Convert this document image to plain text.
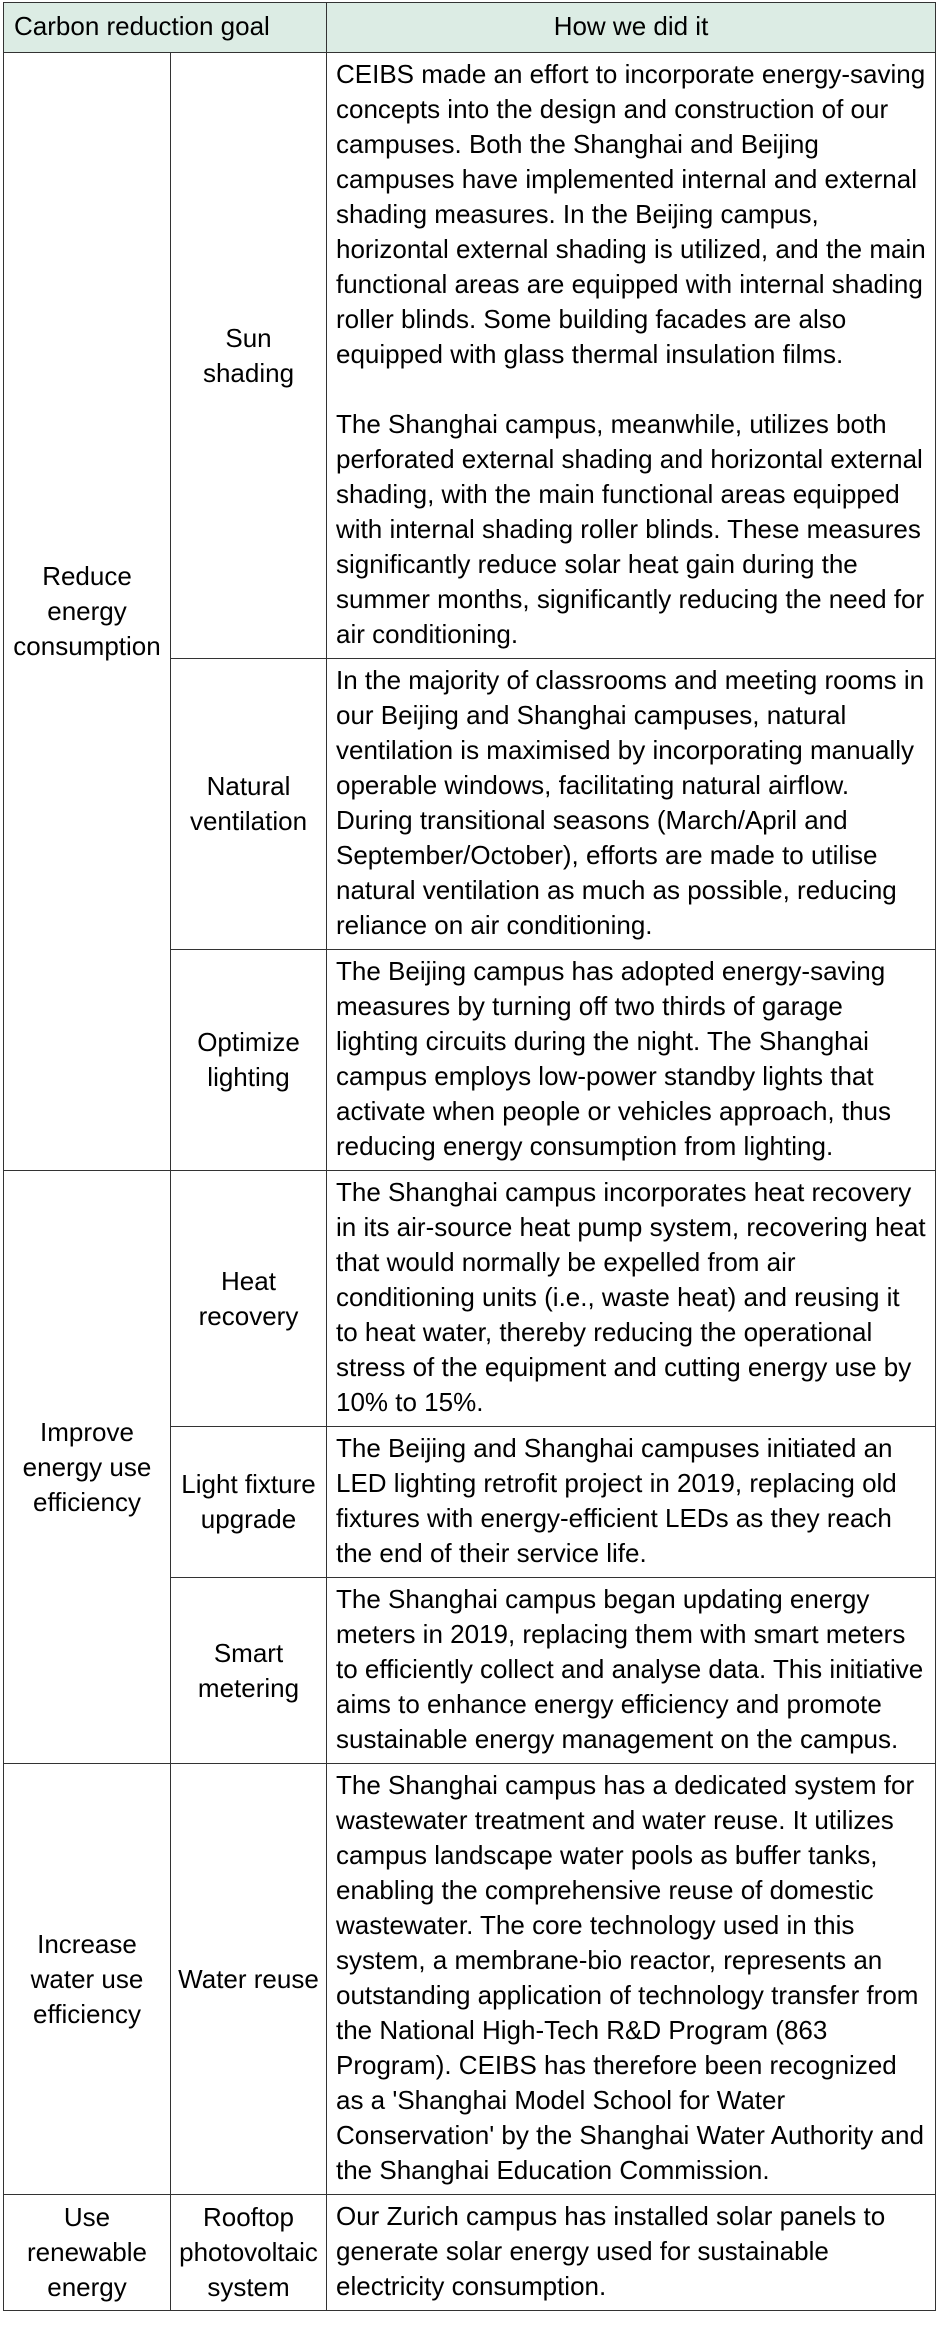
Carbon reduction goal		How we did it
Reduce energy consumption	Sun shading	CEIBS made an effort to incorporate energy-saving concepts into the design and construction of our campuses. Both the Shanghai and Beijing campuses have implemented internal and external shading measures. In the Beijing campus, horizontal external shading is utilized, and the main functional areas are equipped with internal shading roller blinds. Some building facades are also equipped with glass thermal insulation films.

The Shanghai campus, meanwhile, utilizes both perforated external shading and horizontal external shading, with the main functional areas equipped with internal shading roller blinds. These measures significantly reduce solar heat gain during the summer months, significantly reducing the need for air conditioning.

	Natural ventilation	In the majority of classrooms and meeting rooms in our Beijing and Shanghai campuses, natural ventilation is maximised by incorporating manually operable windows, facilitating natural airflow. During transitional seasons (March/April and September/October), efforts are made to utilise natural ventilation as much as possible, reducing reliance on air conditioning.

	Optimize lighting	The Beijing campus has adopted energy-saving measures by turning off two thirds of garage lighting circuits during the night. The Shanghai campus employs low-power standby lights that activate when people or vehicles approach, thus reducing energy consumption from lighting.

Improve energy use efficiency	Heat recovery	The Shanghai campus incorporates heat recovery in its air-source heat pump system, recovering heat that would normally be expelled from air conditioning units (i.e., waste heat) and reusing it to heat water, thereby reducing the operational stress of the equipment and cutting energy use by 10% to 15%.

	Light fixture upgrade	The Beijing and Shanghai campuses initiated an LED lighting retrofit project in 2019, replacing old fixtures with energy-efficient LEDs as they reach the end of their service life.

	Smart metering	The Shanghai campus began updating energy meters in 2019, replacing them with smart meters to efficiently collect and analyse data. This initiative aims to enhance energy efficiency and promote sustainable energy management on the campus.

Increase water use efficiency	Water reuse	The Shanghai campus has a dedicated system for wastewater treatment and water reuse. It utilizes campus landscape water pools as buffer tanks, enabling the comprehensive reuse of domestic wastewater. The core technology used in this system, a membrane-bio reactor, represents an outstanding application of technology transfer from the National High-Tech R&D Program (863 Program). CEIBS has therefore been recognized as a 'Shanghai Model School for Water Conservation' by the Shanghai Water Authority and the Shanghai Education Commission.

Use renewable energy	Rooftop photovoltaic system	Our Zurich campus has installed solar panels to generate solar energy used for sustainable electricity consumption.
